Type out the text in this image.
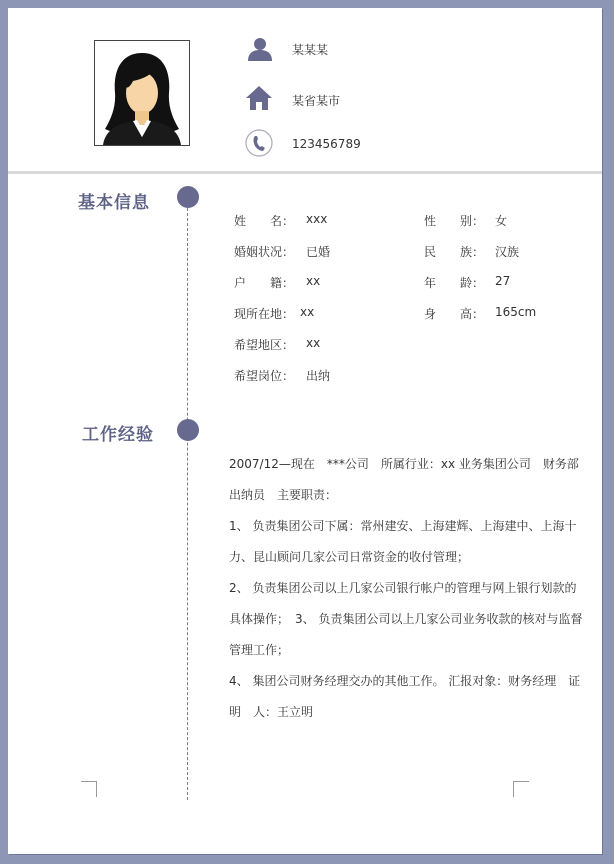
某某某
某省某市
123456789
基本信息
姓　　名： xxx
婚姻状况： 已婚
户　　籍： xx
现所在地： xx
希望地区： xx
希望岗位： 出纳
性　　别： 女
民　　族： 汉族
年　　龄： 27
身　　高： 165cm
工作经验

2007/12—现在　***公司　所属行业：xx 业务集团公司　财务部　出纳员　主要职责：

1、 负责集团公司下属：常州建安、上海建辉、上海建中、上海十力、昆山顾问几家公司日常资金的收付管理；

2、 负责集团公司以上几家公司银行帐户的管理与网上银行划款的具体操作；　3、 负责集团公司以上几家公司业务收款的核对与监督管理工作；

4、 集团公司财务经理交办的其他工作。 汇报对象：财务经理　证　明　人：王立明
